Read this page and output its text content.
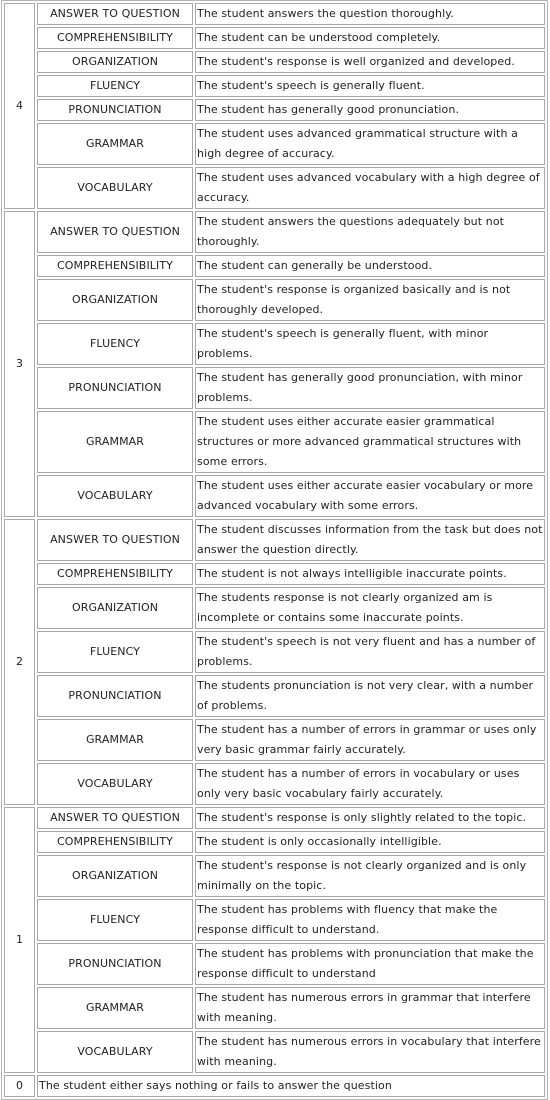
4	ANSWER TO QUESTION	The student answers the question thoroughly.
	COMPREHENSIBILITY	The student can be understood completely.
	ORGANIZATION	The student's response is well organized and developed.
	FLUENCY	The student's speech is generally fluent.
	PRONUNCIATION	The student has generally good pronunciation.
	GRAMMAR	The student uses advanced grammatical structure with a high degree of accuracy.
	VOCABULARY	The student uses advanced vocabulary with a high degree of accuracy.
3	ANSWER TO QUESTION	The student answers the questions adequately but not thoroughly.
	COMPREHENSIBILITY	The student can generally be understood.
	ORGANIZATION	The student's response is organized basically and is not thoroughly developed.
	FLUENCY	The student's speech is generally fluent, with minor problems.
	PRONUNCIATION	The student has generally good pronunciation, with minor problems.
	GRAMMAR	The student uses either accurate easier grammatical structures or more advanced grammatical structures with some errors.
	VOCABULARY	The student uses either accurate easier vocabulary or more advanced vocabulary with some errors.
2	ANSWER TO QUESTION	The student discusses information from the task but does not answer the question directly.
	COMPREHENSIBILITY	The student is not always intelligible inaccurate points.
	ORGANIZATION	The students response is not clearly organized am is incomplete or contains some inaccurate points.
	FLUENCY	The student's speech is not very fluent and has a number of problems.
	PRONUNCIATION	The students pronunciation is not very clear, with a number of problems.
	GRAMMAR	The student has a number of errors in grammar or uses only very basic grammar fairly accurately.
	VOCABULARY	The student has a number of errors in vocabulary or uses only very basic vocabulary fairly accurately.
1	ANSWER TO QUESTION	The student's response is only slightly related to the topic.
	COMPREHENSIBILITY	The student is only occasionally intelligible.
	ORGANIZATION	The student's response is not clearly organized and is only minimally on the topic.
	FLUENCY	The student has problems with fluency that make the response difficult to understand.
	PRONUNCIATION	The student has problems with pronunciation that make the response difficult to understand
	GRAMMAR	The student has numerous errors in grammar that interfere with meaning.
	VOCABULARY	The student has numerous errors in vocabulary that interfere with meaning.
0	The student either says nothing or fails to answer the question	
